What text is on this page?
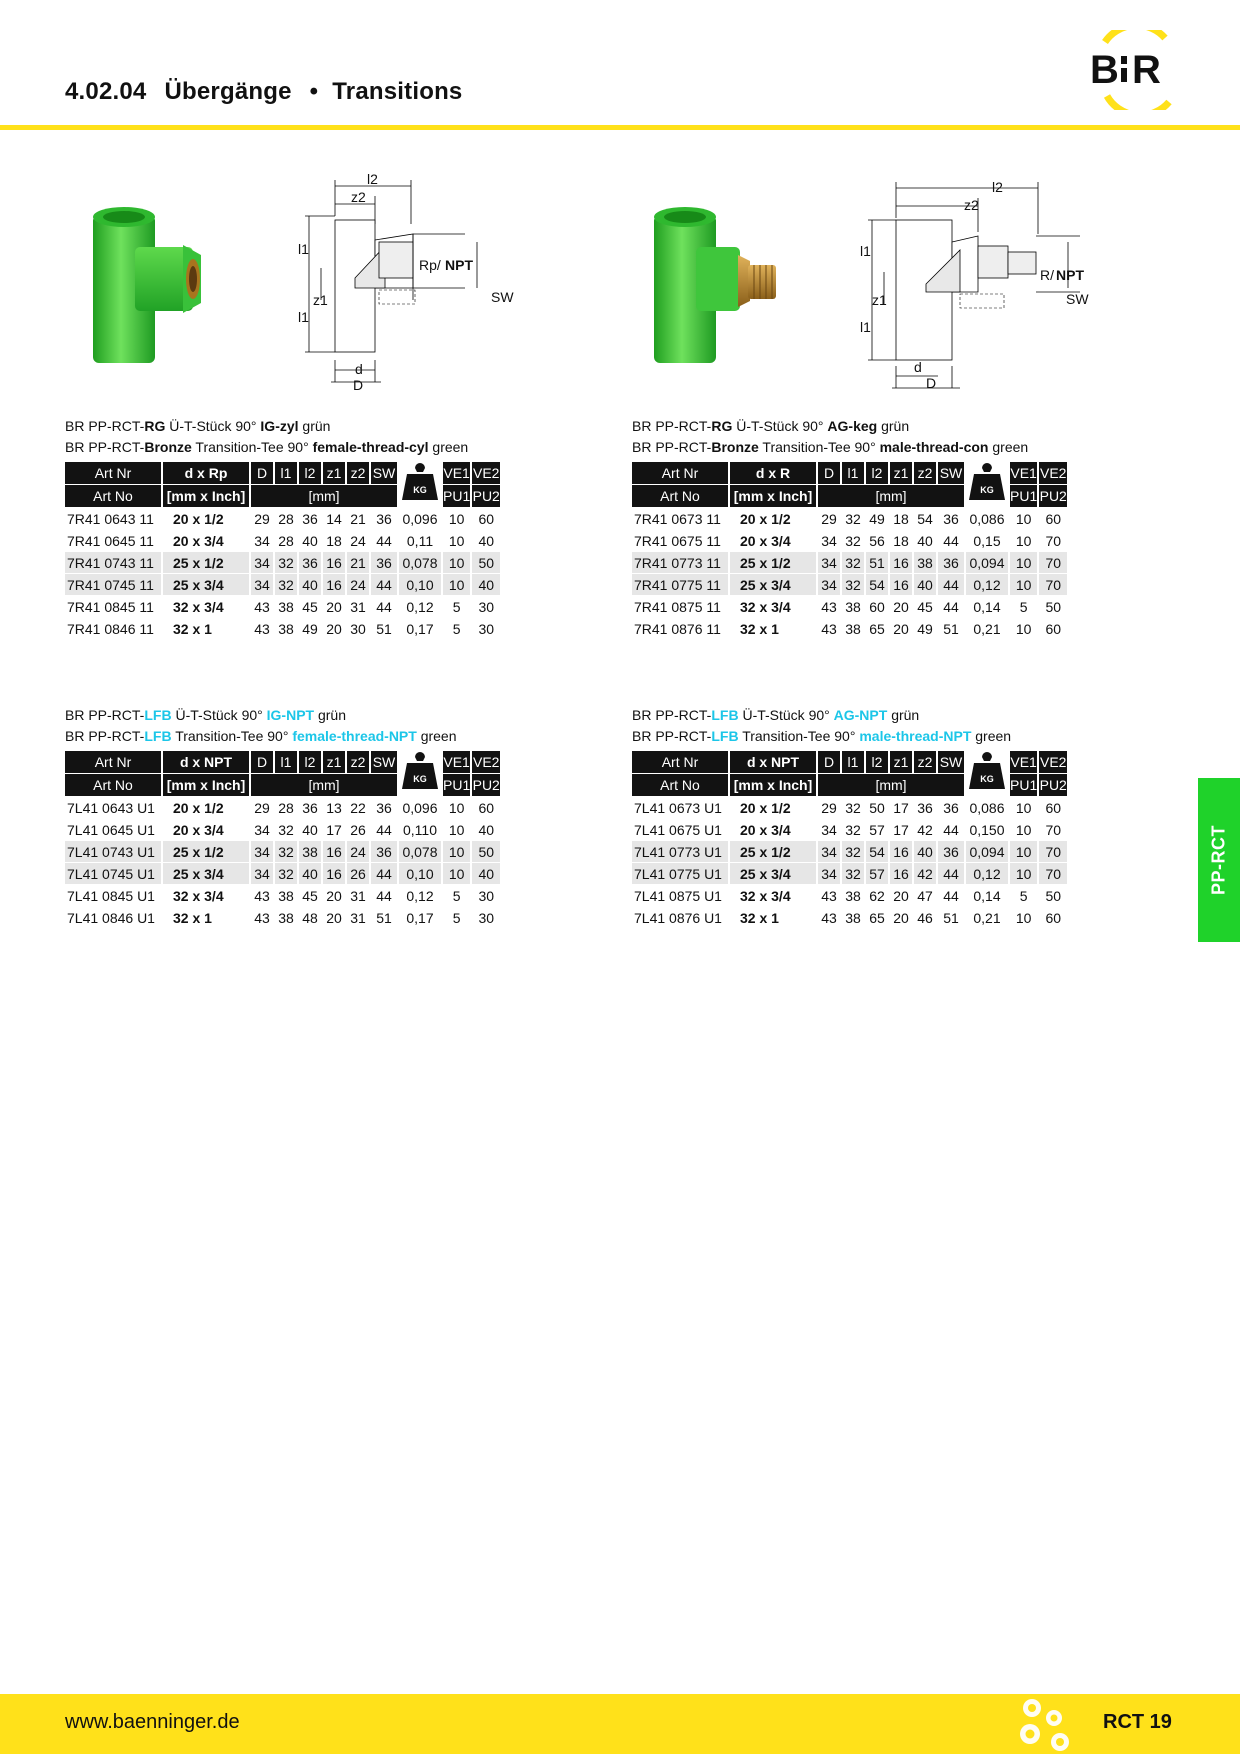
4.02.04 Übergänge • Transitions	B R
l2
z2
l1
z1
l1
Rp/ NPT
SW
d
D
l2
z2
l1
z1
l1
R/ NPT
SW
d
D
BR PP-RCT-RG Ü-T-Stück 90° IG-zyl grün
BR PP-RCT-Bronze Transition-Tee 90° female-thread-cyl green
Art Nr	d x Rp	D	l1	l2	z1	z2	SW	KG	VE1	VE2
Art No	[mm x Inch]	[mm]							PU1	PU2
7R41 0643 11	20 x 1/2	29	28	36	14	21	36	0,096	10	60
7R41 0645 11	20 x 3/4	34	28	40	18	24	44	0,11	10	40
7R41 0743 11	25 x 1/2	34	32	36	16	21	36	0,078	10	50
7R41 0745 11	25 x 3/4	34	32	40	16	24	44	0,10	10	40
7R41 0845 11	32 x 3/4	43	38	45	20	31	44	0,12	5	30
7R41 0846 11	32 x 1	43	38	49	20	30	51	0,17	5	30
BR PP-RCT-RG Ü-T-Stück 90° AG-keg grün
BR PP-RCT-Bronze Transition-Tee 90° male-thread-con green
Art Nr	d x R	D	l1	l2	z1	z2	SW	KG	VE1	VE2
Art No	[mm x Inch]	[mm]							PU1	PU2
7R41 0673 11	20 x 1/2	29	32	49	18	54	36	0,086	10	60
7R41 0675 11	20 x 3/4	34	32	56	18	40	44	0,15	10	70
7R41 0773 11	25 x 1/2	34	32	51	16	38	36	0,094	10	70
7R41 0775 11	25 x 3/4	34	32	54	16	40	44	0,12	10	70
7R41 0875 11	32 x 3/4	43	38	60	20	45	44	0,14	5	50
7R41 0876 11	32 x 1	43	38	65	20	49	51	0,21	10	60
BR PP-RCT-LFB Ü-T-Stück 90° IG-NPT grün
BR PP-RCT-LFB Transition-Tee 90° female-thread-NPT green
Art Nr	d x NPT	D	l1	l2	z1	z2	SW	KG	VE1	VE2
Art No	[mm x Inch]	[mm]							PU1	PU2
7L41 0643 U1	20 x 1/2	29	28	36	13	22	36	0,096	10	60
7L41 0645 U1	20 x 3/4	34	32	40	17	26	44	0,110	10	40
7L41 0743 U1	25 x 1/2	34	32	38	16	24	36	0,078	10	50
7L41 0745 U1	25 x 3/4	34	32	40	16	26	44	0,10	10	40
7L41 0845 U1	32 x 3/4	43	38	45	20	31	44	0,12	5	30
7L41 0846 U1	32 x 1	43	38	48	20	31	51	0,17	5	30
BR PP-RCT-LFB Ü-T-Stück 90° AG-NPT grün
BR PP-RCT-LFB Transition-Tee 90° male-thread-NPT green
Art Nr	d x NPT	D	l1	l2	z1	z2	SW	KG	VE1	VE2
Art No	[mm x Inch]	[mm]							PU1	PU2
7L41 0673 U1	20 x 1/2	29	32	50	17	36	36	0,086	10	60
7L41 0675 U1	20 x 3/4	34	32	57	17	42	44	0,150	10	70
7L41 0773 U1	25 x 1/2	34	32	54	16	40	36	0,094	10	70
7L41 0775 U1	25 x 3/4	34	32	57	16	42	44	0,12	10	70
7L41 0875 U1	32 x 3/4	43	38	62	20	47	44	0,14	5	50
7L41 0876 U1	32 x 1	43	38	65	20	46	51	0,21	10	60
PP-RCT
www.baenninger.de	RCT 19
